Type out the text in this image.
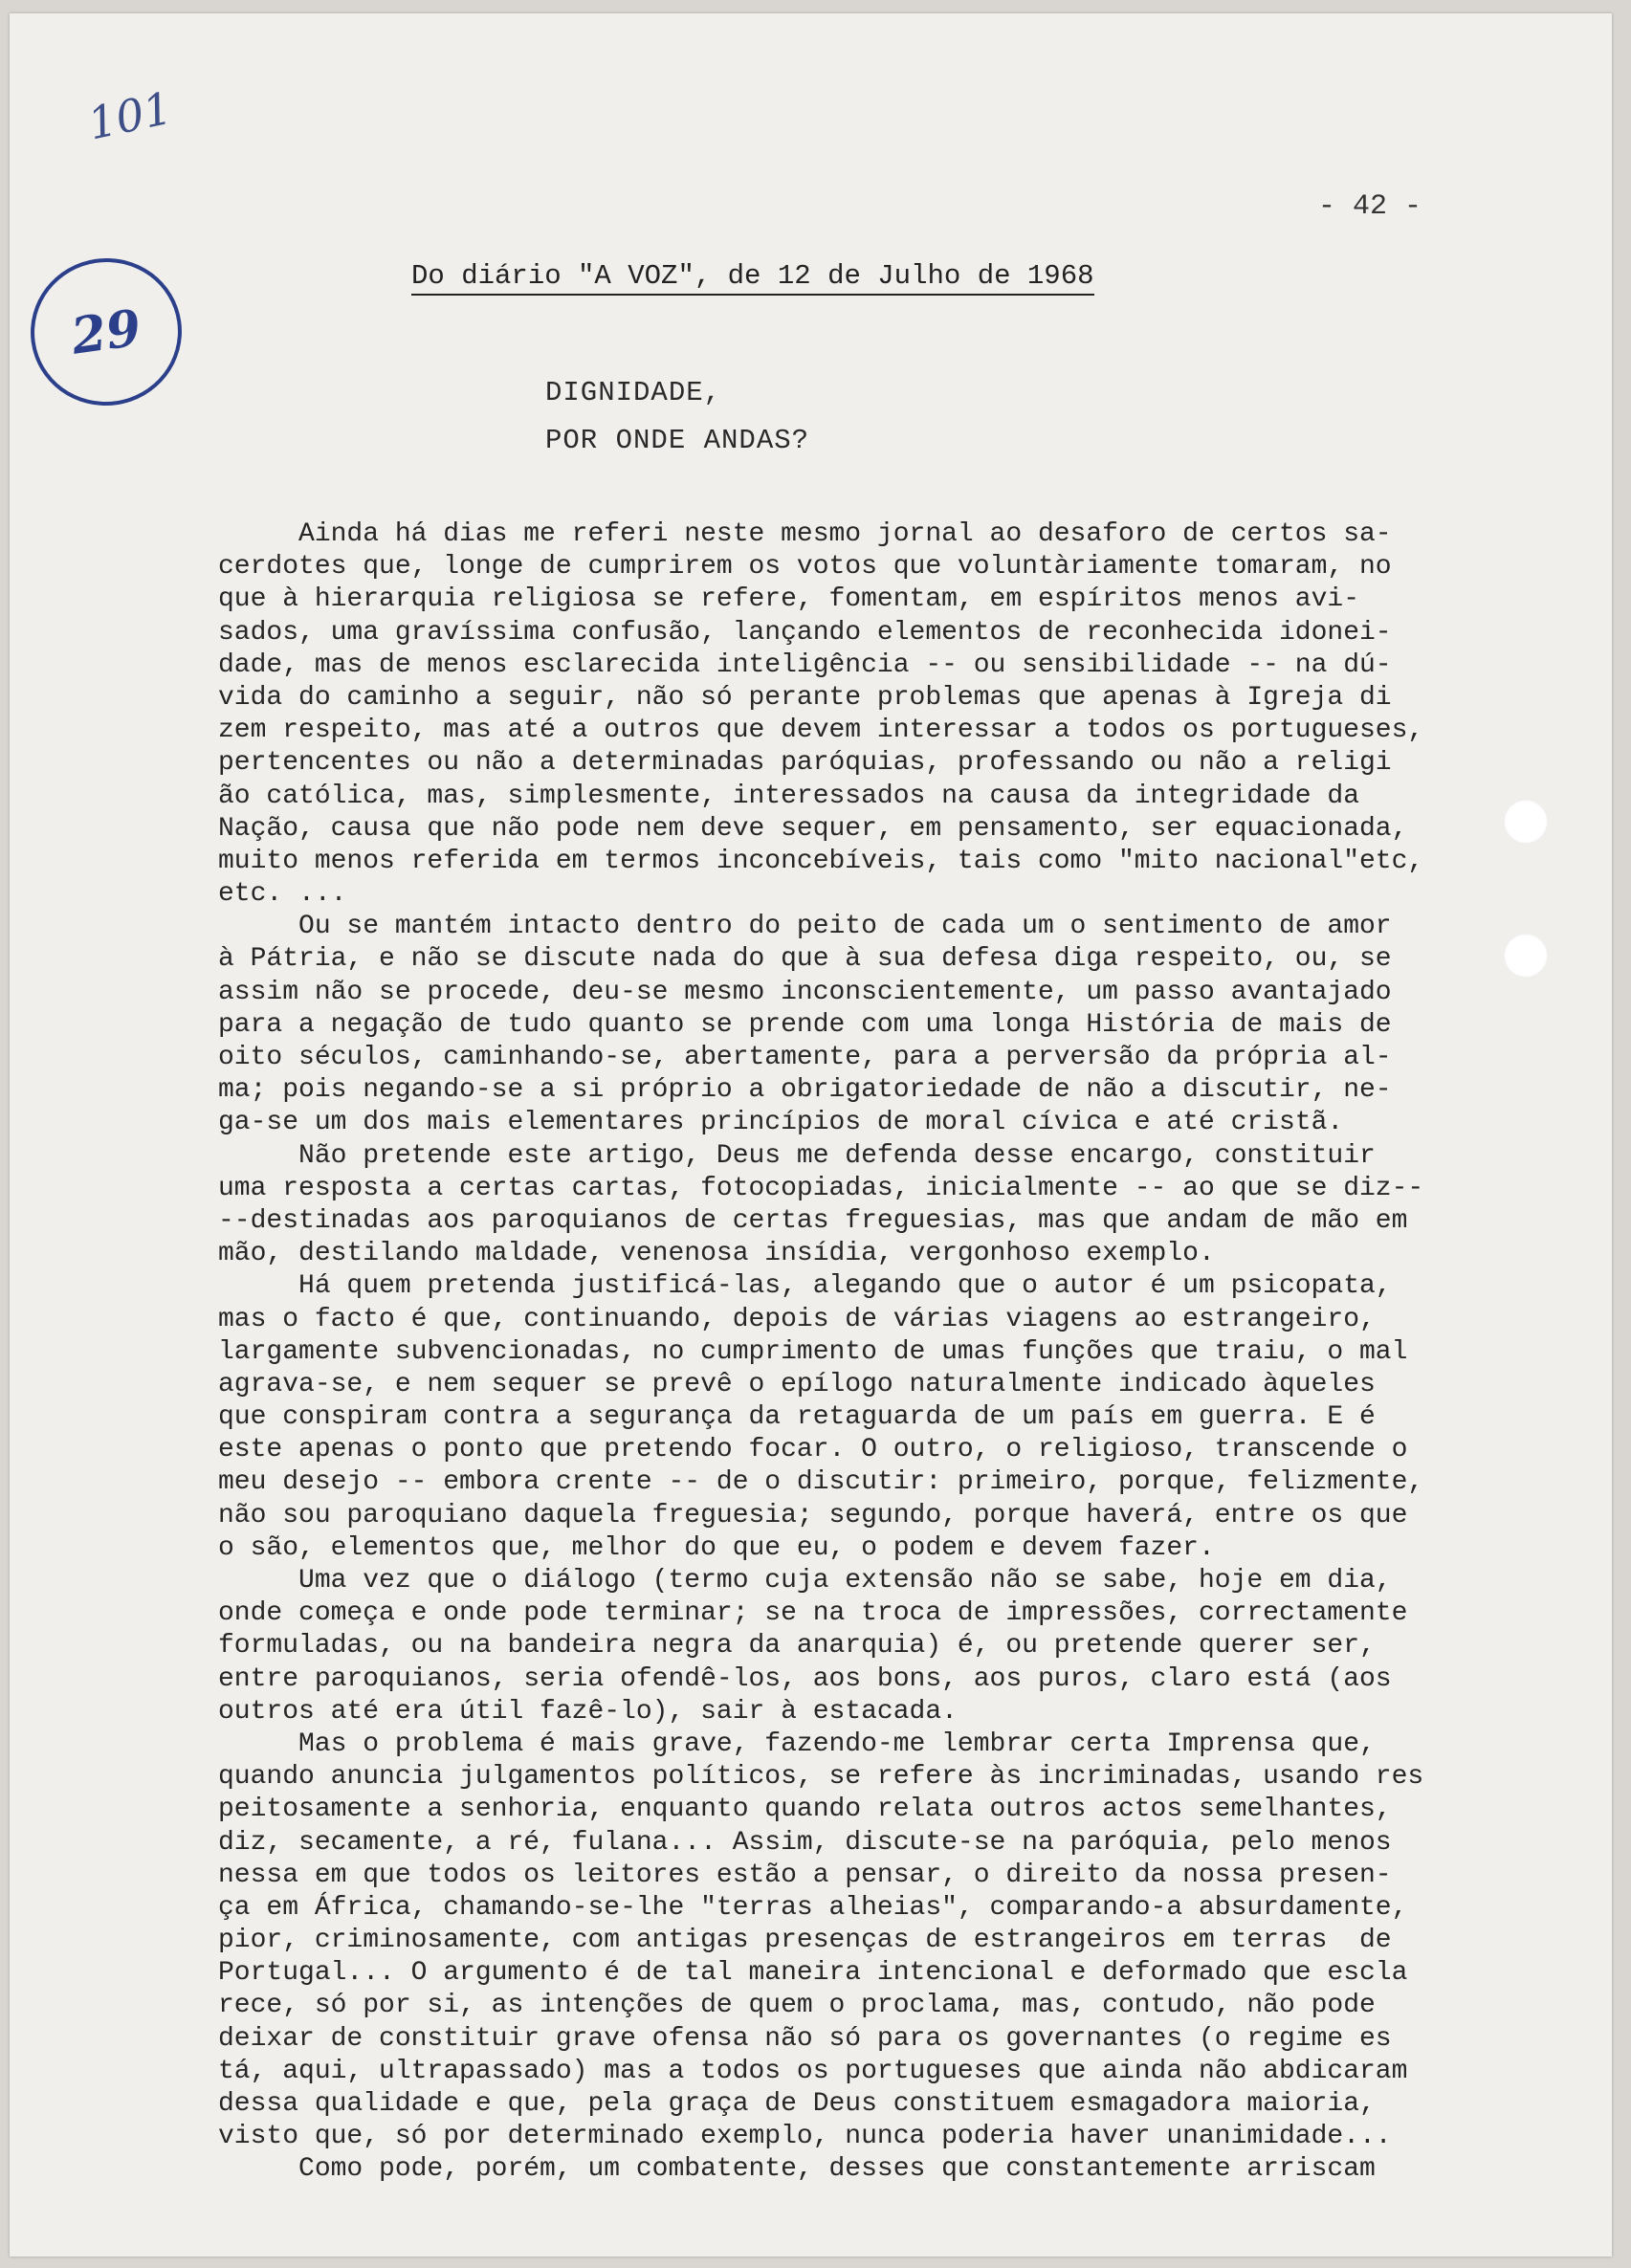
101
29
- 42 -
Do diário "A VOZ", de 12 de Julho de 1968
DIGNIDADE,
POR ONDE ANDAS?
Ainda há dias me referi neste mesmo jornal ao desaforo de certos sa-
cerdotes que, longe de cumprirem os votos que voluntàriamente tomaram, no
que à hierarquia religiosa se refere, fomentam, em espíritos menos avi-
sados, uma gravíssima confusão, lançando elementos de reconhecida idonei-
dade, mas de menos esclarecida inteligência -- ou sensibilidade -- na dú-
vida do caminho a seguir, não só perante problemas que apenas à Igreja di
zem respeito, mas até a outros que devem interessar a todos os portugueses,
pertencentes ou não a determinadas paróquias, professando ou não a religi
ão católica, mas, simplesmente, interessados na causa da integridade da
Nação, causa que não pode nem deve sequer, em pensamento, ser equacionada,
muito menos referida em termos inconcebíveis, tais como "mito nacional"etc,
etc. ...
Ou se mantém intacto dentro do peito de cada um o sentimento de amor
à Pátria, e não se discute nada do que à sua defesa diga respeito, ou, se
assim não se procede, deu-se mesmo inconscientemente, um passo avantajado
para a negação de tudo quanto se prende com uma longa História de mais de
oito séculos, caminhando-se, abertamente, para a perversão da própria al-
ma; pois negando-se a si próprio a obrigatoriedade de não a discutir, ne-
ga-se um dos mais elementares princípios de moral cívica e até cristã.
Não pretende este artigo, Deus me defenda desse encargo, constituir
uma resposta a certas cartas, fotocopiadas, inicialmente -- ao que se diz--
--destinadas aos paroquianos de certas freguesias, mas que andam de mão em
mão, destilando maldade, venenosa insídia, vergonhoso exemplo.
Há quem pretenda justificá-las, alegando que o autor é um psicopata,
mas o facto é que, continuando, depois de várias viagens ao estrangeiro,
largamente subvencionadas, no cumprimento de umas funções que traiu, o mal
agrava-se, e nem sequer se prevê o epílogo naturalmente indicado àqueles
que conspiram contra a segurança da retaguarda de um país em guerra. E é
este apenas o ponto que pretendo focar. O outro, o religioso, transcende o
meu desejo -- embora crente -- de o discutir: primeiro, porque, felizmente,
não sou paroquiano daquela freguesia; segundo, porque haverá, entre os que
o são, elementos que, melhor do que eu, o podem e devem fazer.
Uma vez que o diálogo (termo cuja extensão não se sabe, hoje em dia,
onde começa e onde pode terminar; se na troca de impressões, correctamente
formuladas, ou na bandeira negra da anarquia) é, ou pretende querer ser,
entre paroquianos, seria ofendê-los, aos bons, aos puros, claro está (aos
outros até era útil fazê-lo), sair à estacada.
Mas o problema é mais grave, fazendo-me lembrar certa Imprensa que,
quando anuncia julgamentos políticos, se refere às incriminadas, usando res
peitosamente a senhoria, enquanto quando relata outros actos semelhantes,
diz, secamente, a ré, fulana... Assim, discute-se na paróquia, pelo menos
nessa em que todos os leitores estão a pensar, o direito da nossa presen-
ça em África, chamando-se-lhe "terras alheias", comparando-a absurdamente,
pior, criminosamente, com antigas presenças de estrangeiros em terras  de
Portugal... O argumento é de tal maneira intencional e deformado que escla
rece, só por si, as intenções de quem o proclama, mas, contudo, não pode
deixar de constituir grave ofensa não só para os governantes (o regime es
tá, aqui, ultrapassado) mas a todos os portugueses que ainda não abdicaram
dessa qualidade e que, pela graça de Deus constituem esmagadora maioria,
visto que, só por determinado exemplo, nunca poderia haver unanimidade...
Como pode, porém, um combatente, desses que constantemente arriscam
